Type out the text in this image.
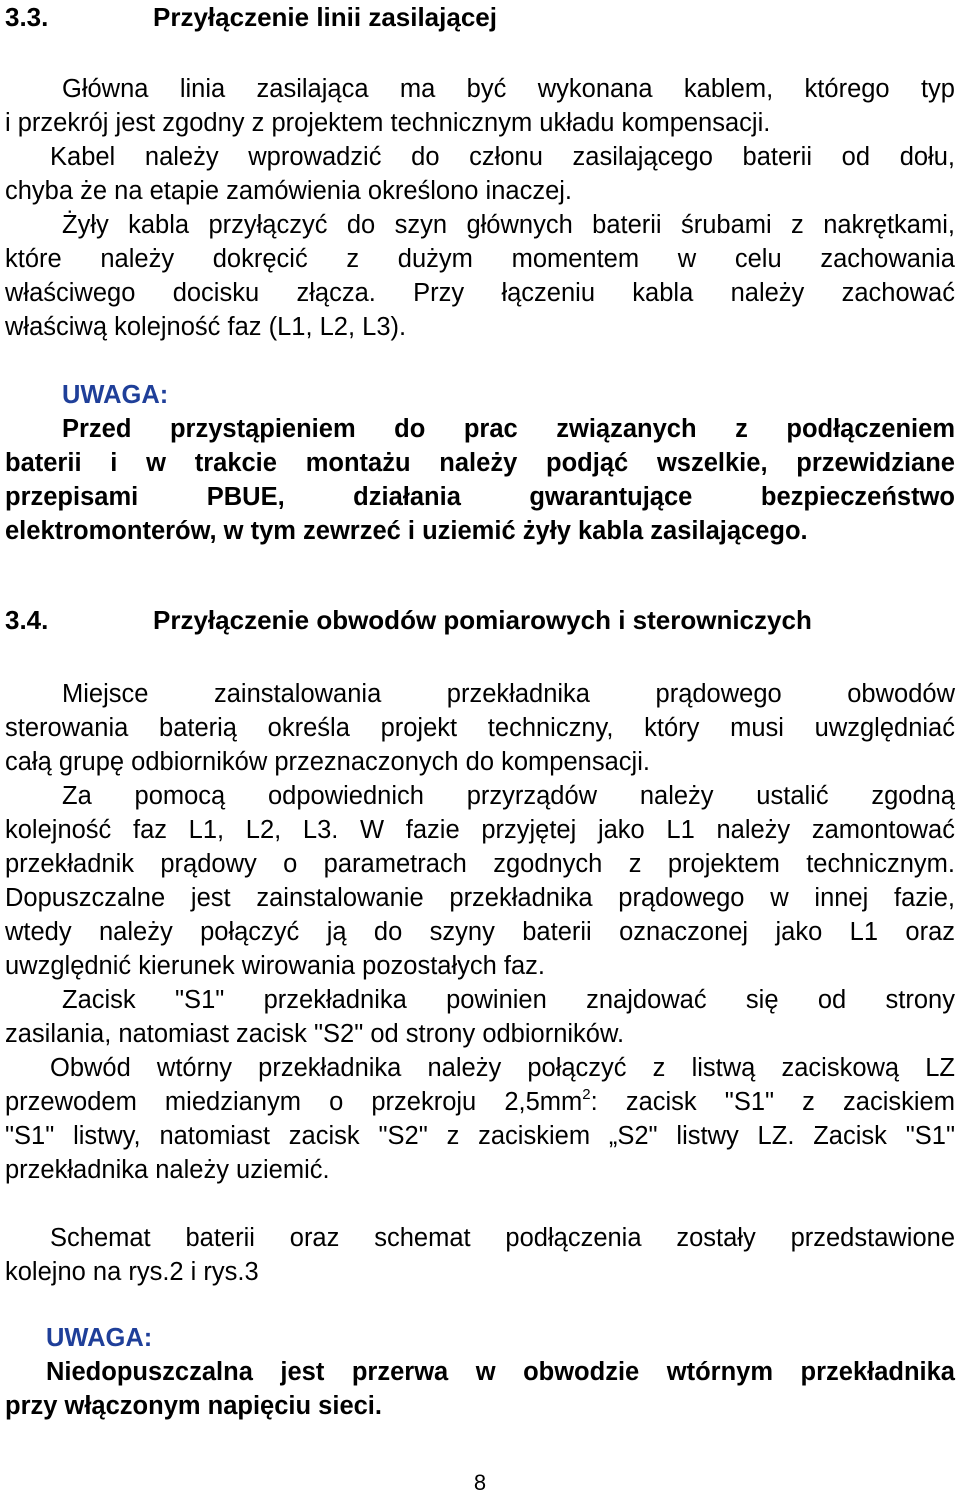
3.3.	Przyłączenie linii zasilającej

Główna linia zasilająca ma być wykonana kablem, którego typ

i przekrój jest zgodny z projektem technicznym układu kompensacji.

Kabel należy wprowadzić do członu zasilającego baterii od dołu,

chyba że na etapie zamówienia określono inaczej.

Żyły kabla przyłączyć do szyn głównych baterii śrubami z nakrętkami,

które należy dokręcić z dużym momentem w celu zachowania

właściwego docisku złącza. Przy łączeniu kabla należy zachować

właściwą kolejność faz (L1, L2, L3).

UWAGA:

Przed przystąpieniem do prac związanych z podłączeniem

baterii i w trakcie montażu należy podjąć wszelkie, przewidziane

przepisami PBUE, działania gwarantujące bezpieczeństwo

elektromonterów, w tym zewrzeć i uziemić żyły kabla zasilającego.

3.4.	Przyłączenie obwodów pomiarowych i sterowniczych

Miejsce zainstalowania przekładnika prądowego obwodów

sterowania baterią określa projekt techniczny, który musi uwzględniać

całą grupę odbiorników przeznaczonych do kompensacji.

Za pomocą odpowiednich przyrządów należy ustalić zgodną

kolejność faz L1, L2, L3. W fazie przyjętej jako L1 należy zamontować

przekładnik prądowy o parametrach zgodnych z projektem technicznym.

Dopuszczalne jest zainstalowanie przekładnika prądowego w innej fazie,

wtedy należy połączyć ją do szyny baterii oznaczonej jako L1 oraz

uwzględnić kierunek wirowania pozostałych faz.

Zacisk "S1" przekładnika powinien znajdować się od strony

zasilania, natomiast zacisk "S2" od strony odbiorników.

Obwód wtórny przekładnika należy połączyć z listwą zaciskową LZ

przewodem miedzianym o przekroju $2,5mm^2$: zacisk "S1" z zaciskiem

"S1" listwy, natomiast zacisk "S2" z zaciskiem „S2" listwy LZ. Zacisk "S1"

przekładnika należy uziemić.

Schemat baterii oraz schemat podłączenia zostały przedstawione

kolejno na rys.2 i rys.3

UWAGA:

Niedopuszczalna jest przerwa w obwodzie wtórnym przekładnika

przy włączonym napięciu sieci.

8
